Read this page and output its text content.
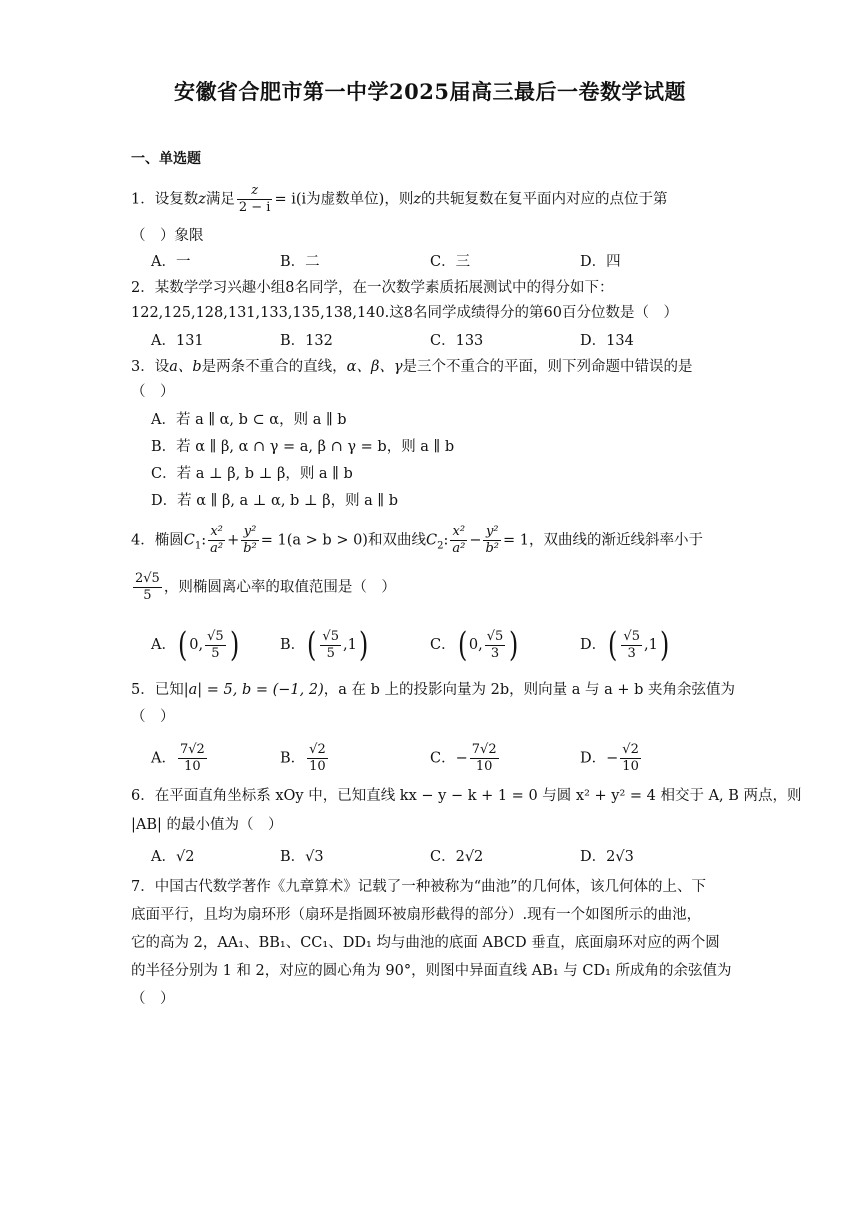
安徽省合肥市第一中学2025届高三最后一卷数学试题
一、单选题
1．设复数z满足 $\frac{z}{2 - i} = i(i$为虚数单位)，则z的共轭复数在复平面内对应的点位于第
（　）象限
A．一	B．二	C．三	D．四
2．某数学学习兴趣小组8名同学，在一次数学素质拓展测试中的得分如下：
122,125,128,131,133,135,138,140.这8名同学成绩得分的第60百分位数是（　）
A．131	B．132	C．133	D．134
3．设a、b是两条不重合的直线，α、β、γ是三个不重合的平面，则下列命题中错误的是
（　）
A．若 a ∥ α, b ⊂ α，则 a ∥ b
B．若 α ∥ β, α ∩ γ = a, β ∩ γ = b，则 a ∥ b
C．若 a ⊥ β, b ⊥ β，则 a ∥ b
D．若 α ∥ β, a ⊥ α, b ⊥ β，则 a ∥ b
4．椭圆$C_1$: $\frac{\text{x²}}{\text{a²}} + \frac{\text{y²}}{\text{b²}} = 1(a > b > 0)$和双曲线$C_2$: $\frac{\text{x²}}{\text{a²}} - \frac{\text{y²}}{\text{b²}} = 1$，双曲线的渐近线斜率小于
$\frac{2√5}{5}$ ，则椭圆离心率的取值范围是（　）
A．( 0, $\frac{√5}{5}$ )	B．( $\frac{√5}{5} ,1$)	C．( 0, $\frac{√5}{3}$ )	D．( $\frac{√5}{3} ,1$)
5．已知|a| = 5, b = (−1, 2)，a 在 b 上的投影向量为 2b，则向量 a 与 a + b 夹角余弦值为
（　）
A． $\frac{7√2}{10}$	B． $\frac{√2}{10}$	C．− $\frac{7√2}{10}$	D．− $\frac{√2}{10}$
6．在平面直角坐标系 xOy 中，已知直线 kx − y − k + 1 = 0 与圆 x² + y² = 4 相交于 A, B 两点，则
|AB| 的最小值为（　）
A．√2	B．√3	C．2√2	D．2√3
7．中国古代数学著作《九章算术》记载了一种被称为“曲池”的几何体，该几何体的上、下
底面平行，且均为扇环形（扇环是指圆环被扇形截得的部分）.现有一个如图所示的曲池，
它的高为 2，AA₁、BB₁、CC₁、DD₁ 均与曲池的底面 ABCD 垂直，底面扇环对应的两个圆
的半径分别为 1 和 2，对应的圆心角为 90°，则图中异面直线 AB₁ 与 CD₁ 所成角的余弦值为
（　）
